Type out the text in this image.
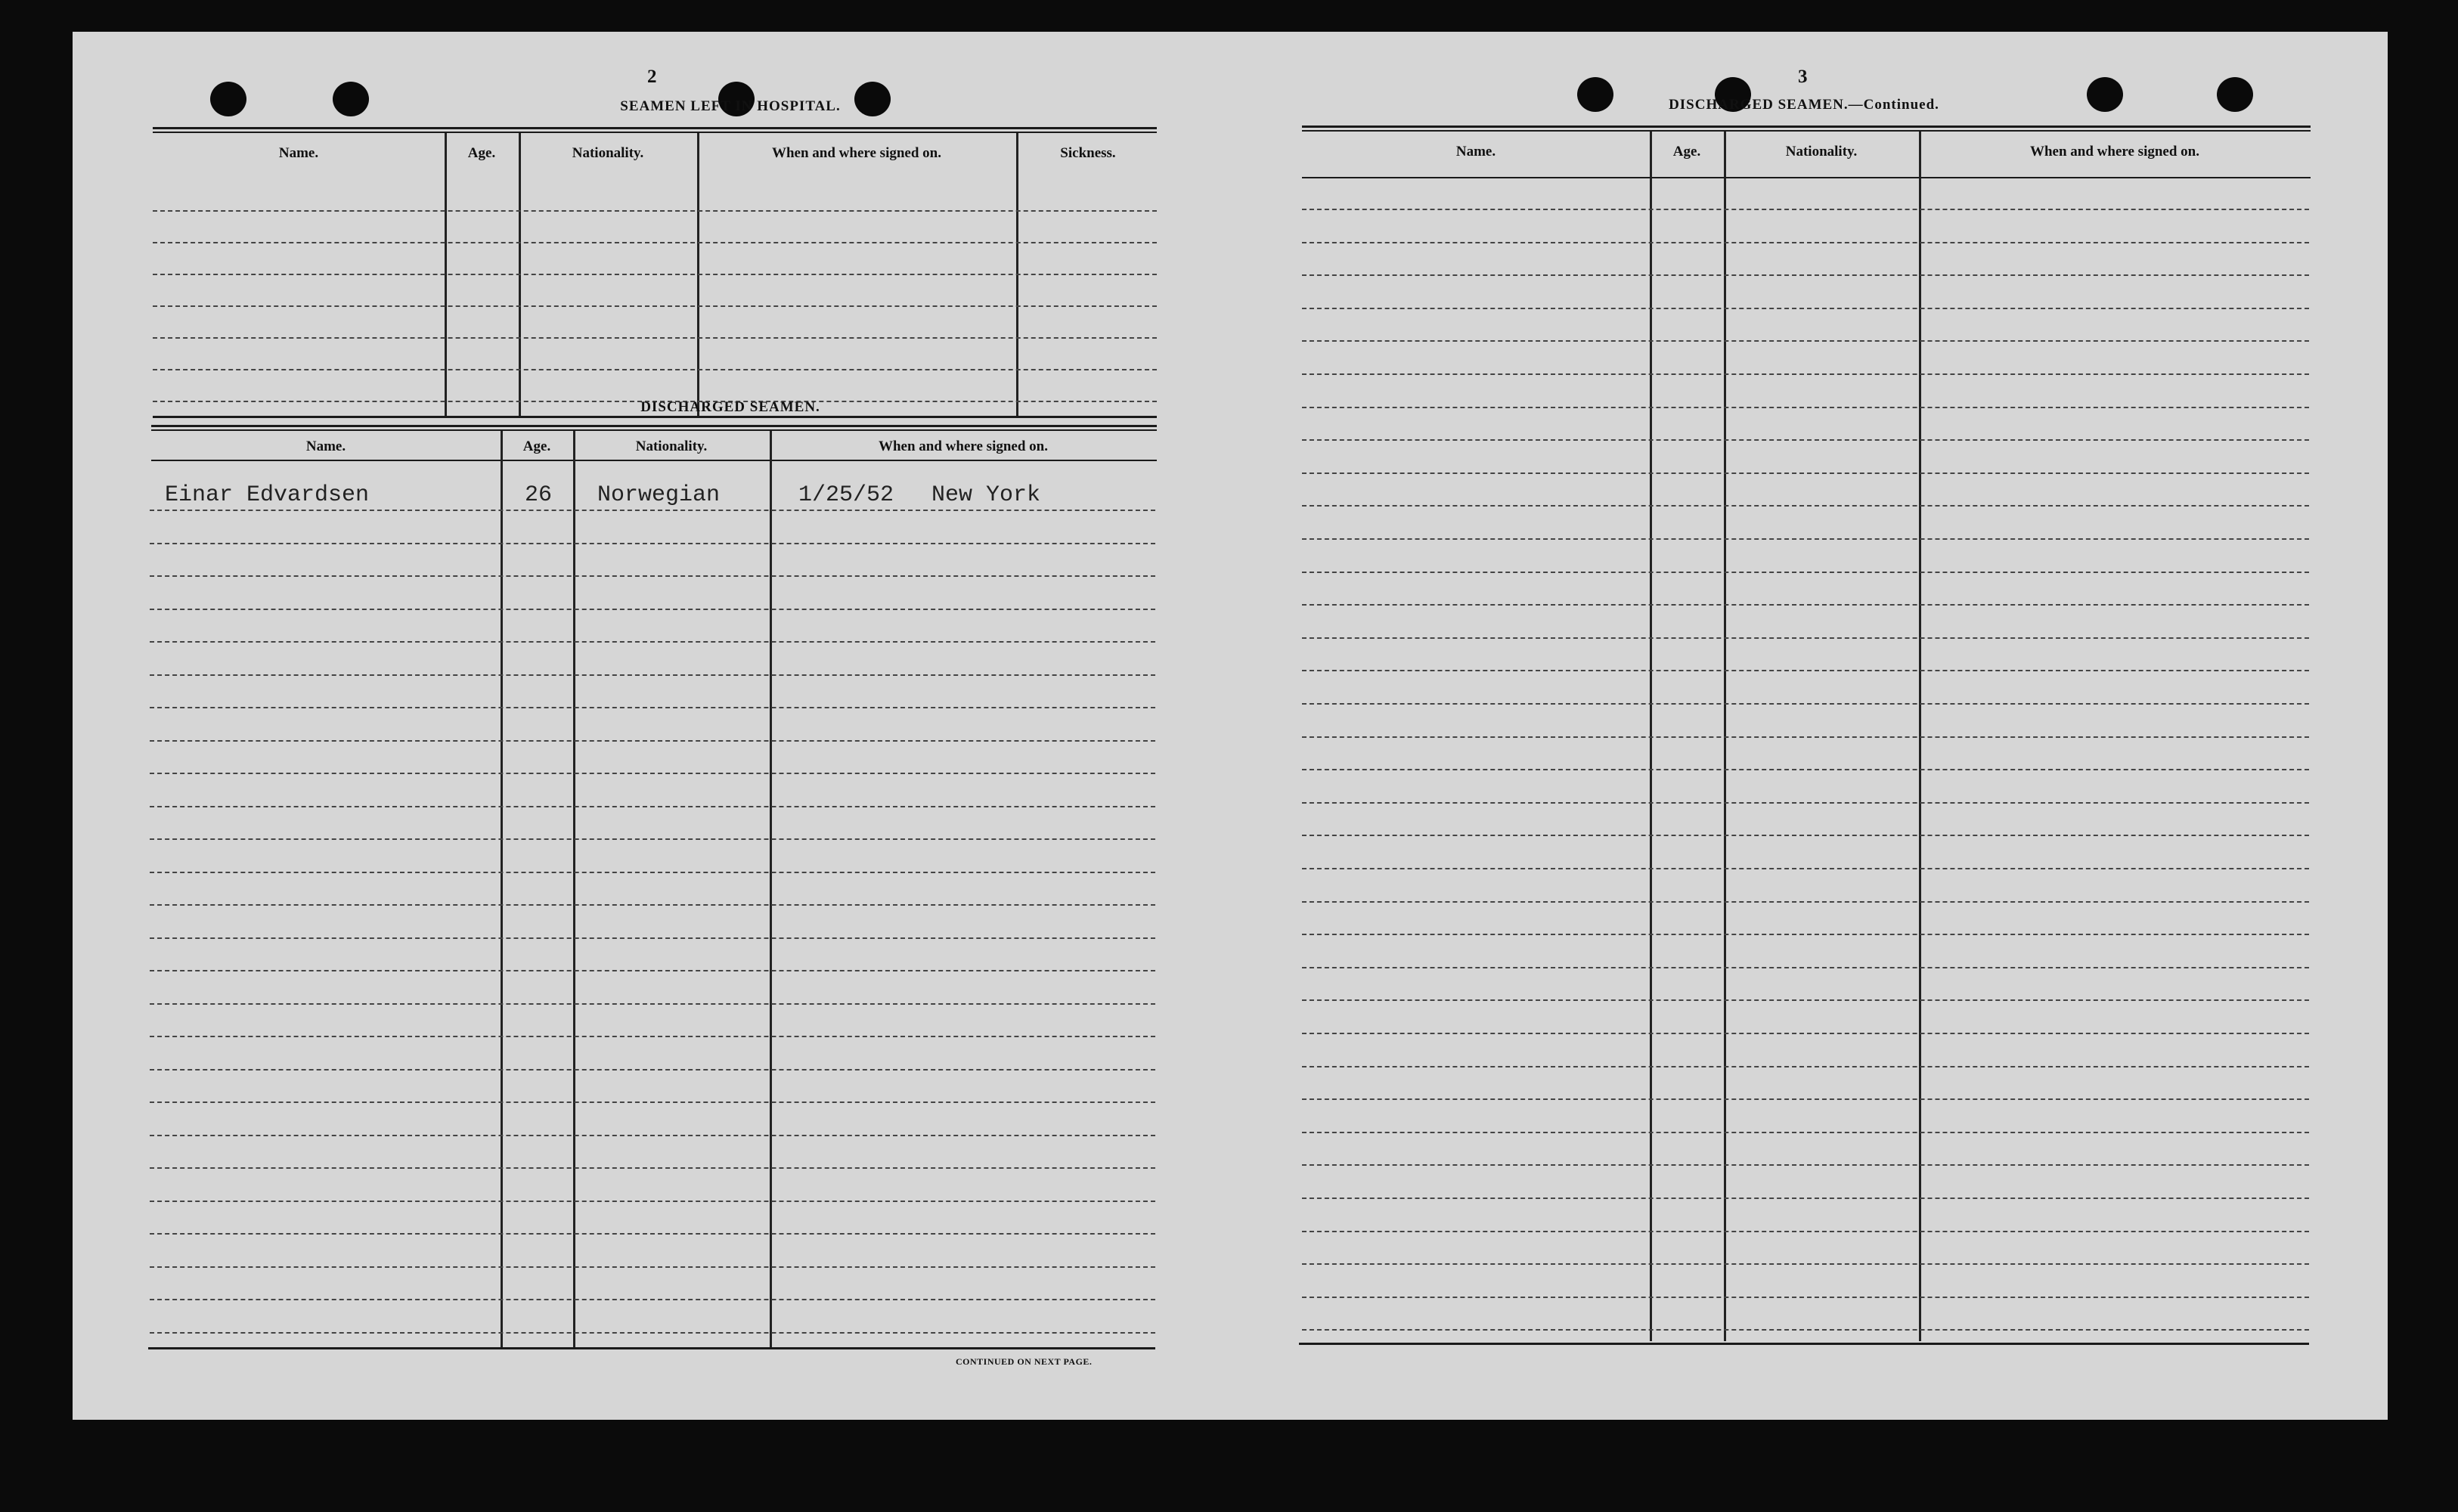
2
SEAMEN LEFT IN HOSPITAL.
Name.	Age.	Nationality.	When and where signed on.	Sickness.
DISCHARGED SEAMEN.
Name.	Age.	Nationality.	When and where signed on.
Einar Edvardsen	26 Norwegian	1/25/52 New York
CONTINUED ON NEXT PAGE.
3
DISCHARGED SEAMEN.—Continued.
Name.	Age.	Nationality.	When and where signed on.
